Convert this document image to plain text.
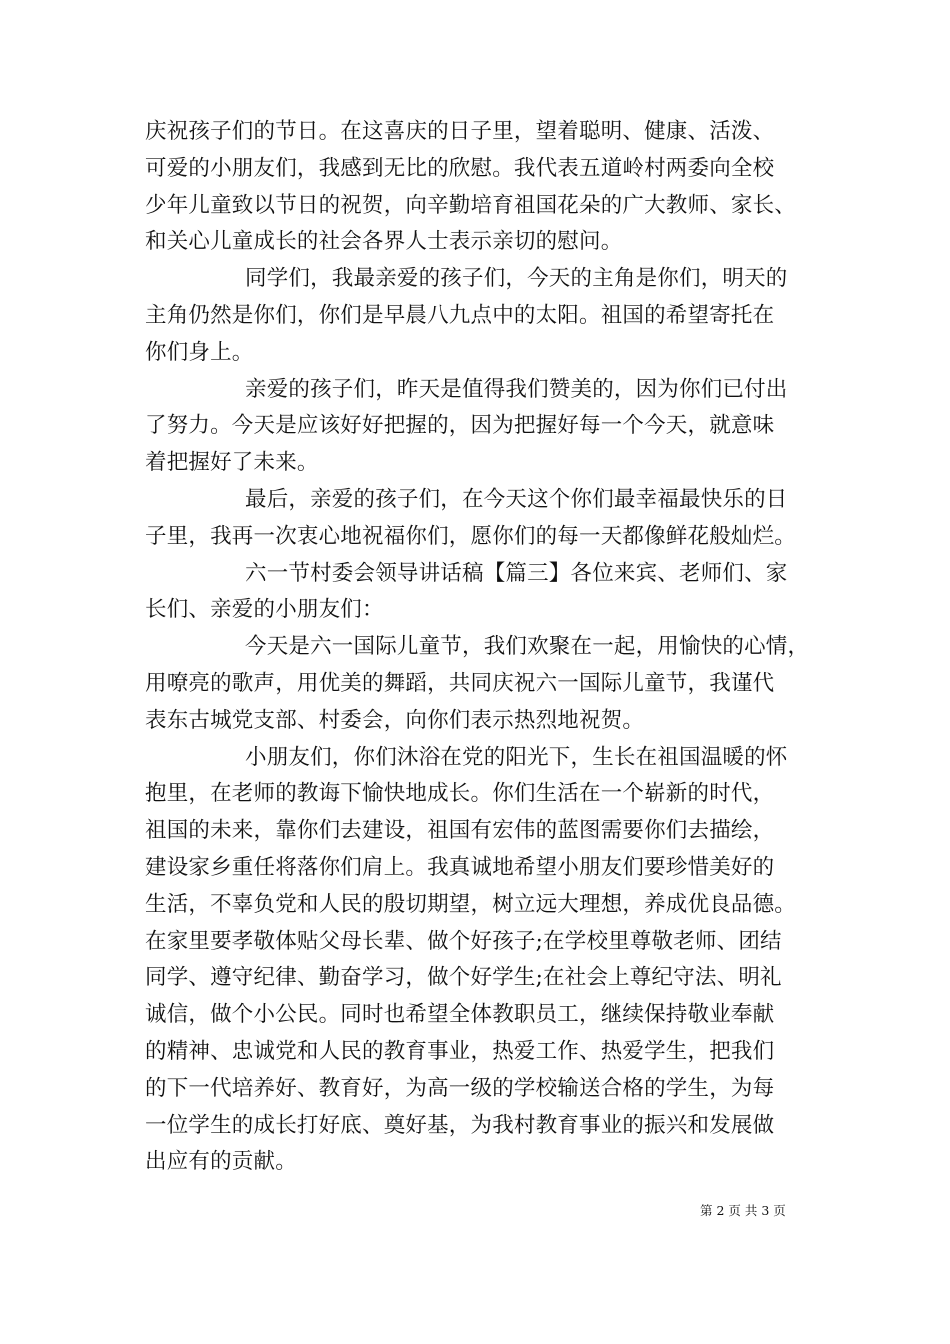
庆祝孩子们的节日。在这喜庆的日子里，望着聪明、健康、活泼、
可爱的小朋友们，我感到无比的欣慰。我代表五道岭村两委向全校
少年儿童致以节日的祝贺，向辛勤培育祖国花朵的广大教师、家长、
和关心儿童成长的社会各界人士表示亲切的慰问。
同学们，我最亲爱的孩子们，今天的主角是你们，明天的
主角仍然是你们，你们是早晨八九点中的太阳。祖国的希望寄托在
你们身上。
亲爱的孩子们，昨天是值得我们赞美的，因为你们已付出
了努力。今天是应该好好把握的，因为把握好每一个今天，就意味
着把握好了未来。
最后，亲爱的孩子们，在今天这个你们最幸福最快乐的日
子里，我再一次衷心地祝福你们，愿你们的每一天都像鲜花般灿烂。
六一节村委会领导讲话稿【篇三】各位来宾、老师们、家
长们、亲爱的小朋友们：
今天是六一国际儿童节，我们欢聚在一起，用愉快的心情，
用嘹亮的歌声，用优美的舞蹈，共同庆祝六一国际儿童节，我谨代
表东古城党支部、村委会，向你们表示热烈地祝贺。
小朋友们，你们沐浴在党的阳光下，生长在祖国温暖的怀
抱里，在老师的教诲下愉快地成长。你们生活在一个崭新的时代，
祖国的未来，靠你们去建设，祖国有宏伟的蓝图需要你们去描绘，
建设家乡重任将落你们肩上。我真诚地希望小朋友们要珍惜美好的
生活，不辜负党和人民的殷切期望，树立远大理想，养成优良品德。
在家里要孝敬体贴父母长辈、做个好孩子;在学校里尊敬老师、团结
同学、遵守纪律、勤奋学习，做个好学生;在社会上尊纪守法、明礼
诚信，做个小公民。同时也希望全体教职员工，继续保持敬业奉献
的精神、忠诚党和人民的教育事业，热爱工作、热爱学生，把我们
的下一代培养好、教育好，为高一级的学校输送合格的学生，为每
一位学生的成长打好底、奠好基，为我村教育事业的振兴和发展做
出应有的贡献。
第 2 页 共 3 页
